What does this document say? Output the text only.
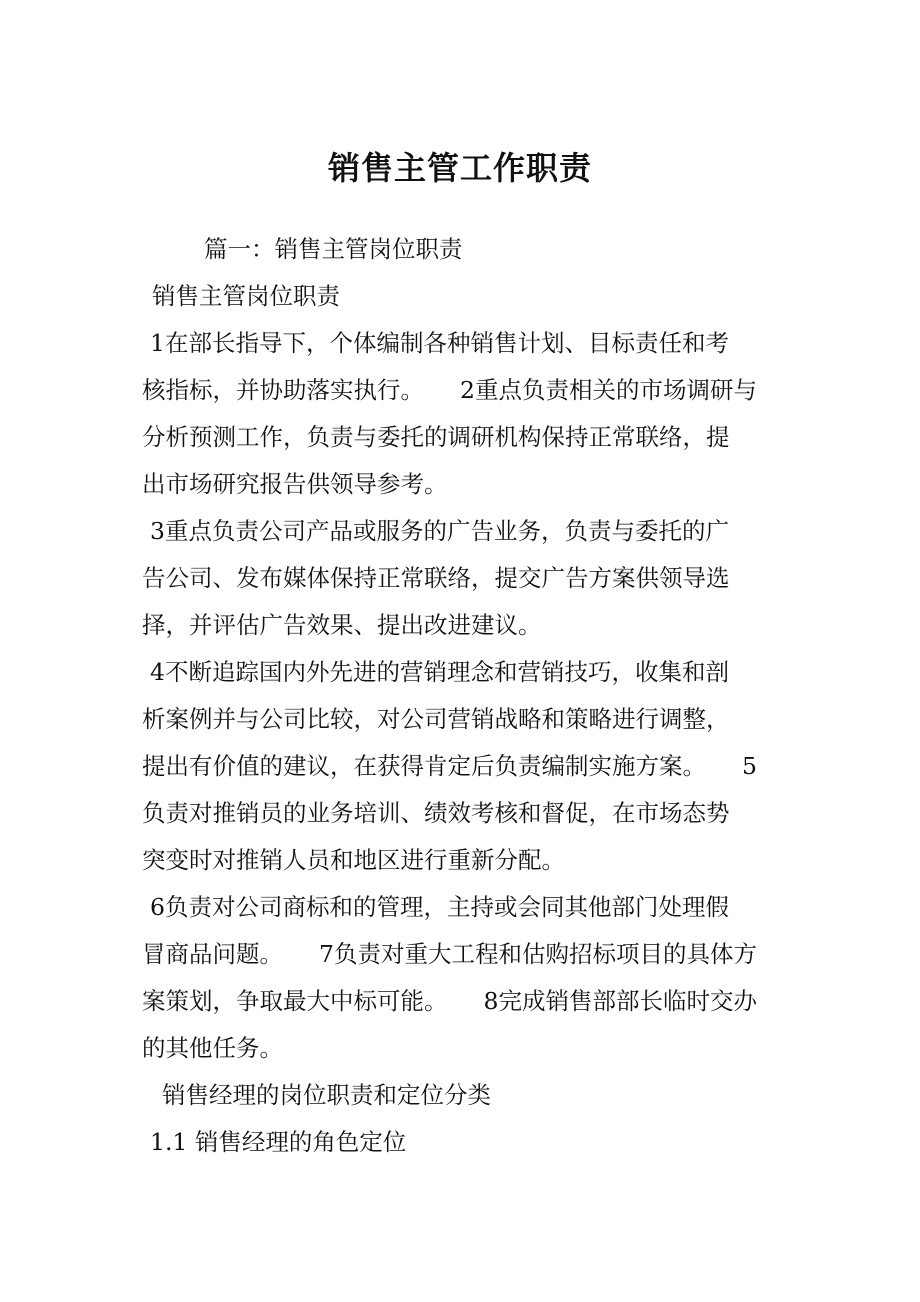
销售主管工作职责

篇一：销售主管岗位职责

销售主管岗位职责

1在部长指导下，个体编制各种销售计划、目标责任和考

核指标，并协助落实执行。 2重点负责相关的市场调研与

分析预测工作，负责与委托的调研机构保持正常联络，提

出市场研究报告供领导参考。

3重点负责公司产品或服务的广告业务，负责与委托的广

告公司、发布媒体保持正常联络，提交广告方案供领导选

择，并评估广告效果、提出改进建议。

4不断追踪国内外先进的营销理念和营销技巧，收集和剖

析案例并与公司比较，对公司营销战略和策略进行调整，

提出有价值的建议，在获得肯定后负责编制实施方案。 5

负责对推销员的业务培训、绩效考核和督促，在市场态势

突变时对推销人员和地区进行重新分配。

6负责对公司商标和的管理，主持或会同其他部门处理假

冒商品问题。 7负责对重大工程和估购招标项目的具体方

案策划，争取最大中标可能。 8完成销售部部长临时交办

的其他任务。

销售经理的岗位职责和定位分类

1.1 销售经理的角色定位
